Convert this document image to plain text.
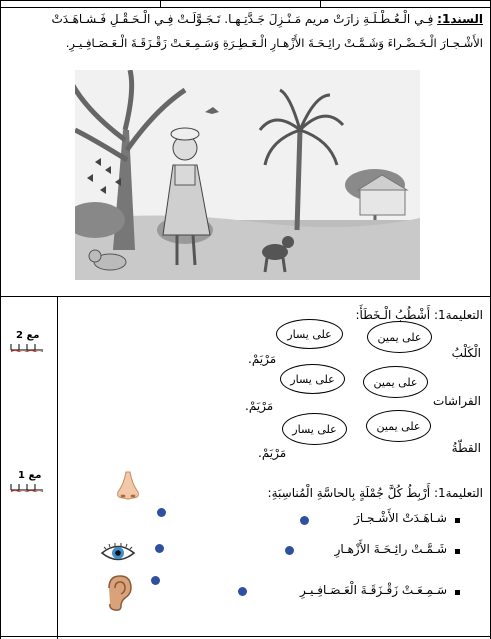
السند1: فِـي الْـعُـطْـلَـةِ زارَتْ مريم مَـنْـزِلَ جَـدَّتِـهـا. تَـجَـوَّلَـتْ فِـي الْـحَـقْـلِ فَـشـاهَـدَتْ
الأَشْـجـارَ الْـخَـضْـراءَ وَشَـمَّـتْ رائِـحَـةَ الأَزْهـارِ الْـعَـطِـرَةِ وَسَـمِـعَـتْ زَقْـزَقَـةَ الْـعَـصَـافِـيـرِ.
مع 2
مع 1
التعليمة1: أَشْطُبُ الْـخَطَأَ:
على يمين
على يسار
الْكَلْبُ
مَرْيَمْ.
على يمين
على يسار
الفراشات
مَرْيَمْ.
على يمين
على يسار
القطّةُ
مَرْيَمْ.
التعليمة1: أَرْبِطُ كُلَّ جُمْلَةٍ بِالحاسَّةِ الْمُناسِبَةِ:
شـاهَـدَتْ الأَشْـجـارَ
شَـمَّـتْ رائِـحَـةَ الأَزْهـارِ
سَـمِـعَـتْ زَقْـزَقَـةَ الْعَـصَـافِـيـرِ
